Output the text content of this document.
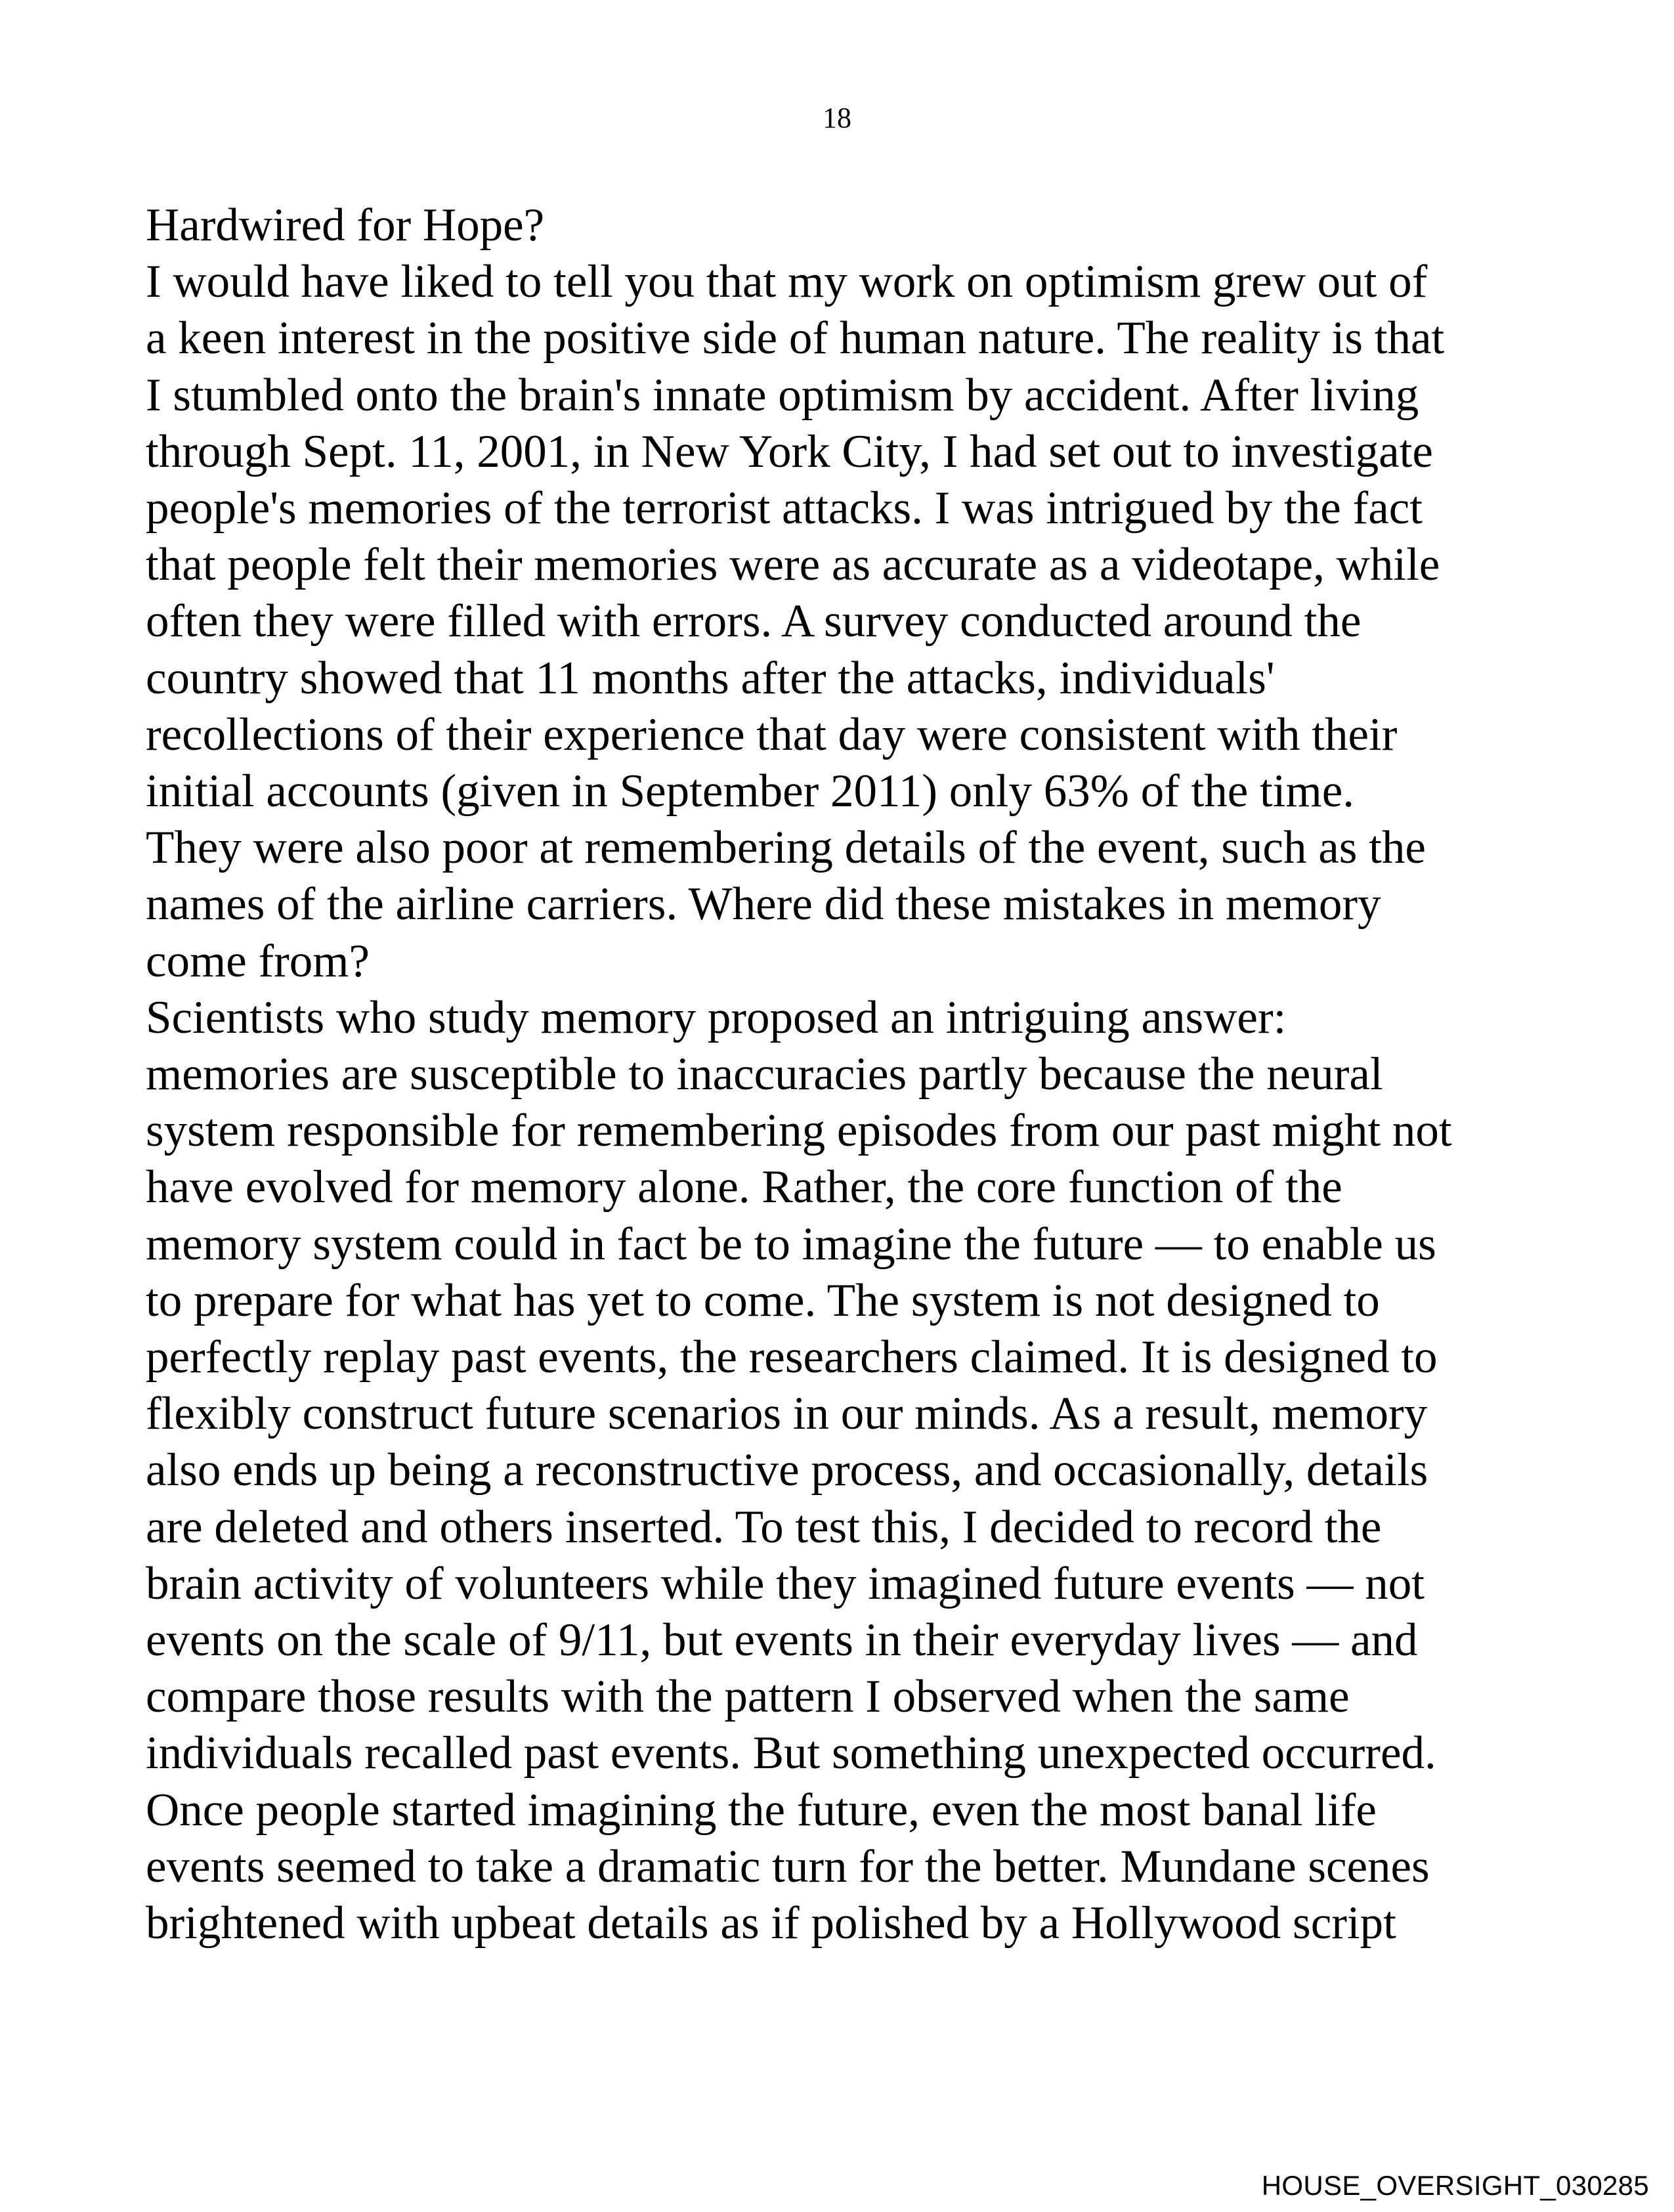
18
Hardwired for Hope?
I would have liked to tell you that my work on optimism grew out of
a keen interest in the positive side of human nature. The reality is that
I stumbled onto the brain's innate optimism by accident. After living
through Sept. 11, 2001, in New York City, I had set out to investigate
people's memories of the terrorist attacks. I was intrigued by the fact
that people felt their memories were as accurate as a videotape, while
often they were filled with errors. A survey conducted around the
country showed that 11 months after the attacks, individuals'
recollections of their experience that day were consistent with their
initial accounts (given in September 2011) only 63% of the time.
They were also poor at remembering details of the event, such as the
names of the airline carriers. Where did these mistakes in memory
come from?
Scientists who study memory proposed an intriguing answer:
memories are susceptible to inaccuracies partly because the neural
system responsible for remembering episodes from our past might not
have evolved for memory alone. Rather, the core function of the
memory system could in fact be to imagine the future — to enable us
to prepare for what has yet to come. The system is not designed to
perfectly replay past events, the researchers claimed. It is designed to
flexibly construct future scenarios in our minds. As a result, memory
also ends up being a reconstructive process, and occasionally, details
are deleted and others inserted. To test this, I decided to record the
brain activity of volunteers while they imagined future events — not
events on the scale of 9/11, but events in their everyday lives — and
compare those results with the pattern I observed when the same
individuals recalled past events. But something unexpected occurred.
Once people started imagining the future, even the most banal life
events seemed to take a dramatic turn for the better. Mundane scenes
brightened with upbeat details as if polished by a Hollywood script
HOUSE_OVERSIGHT_030285
